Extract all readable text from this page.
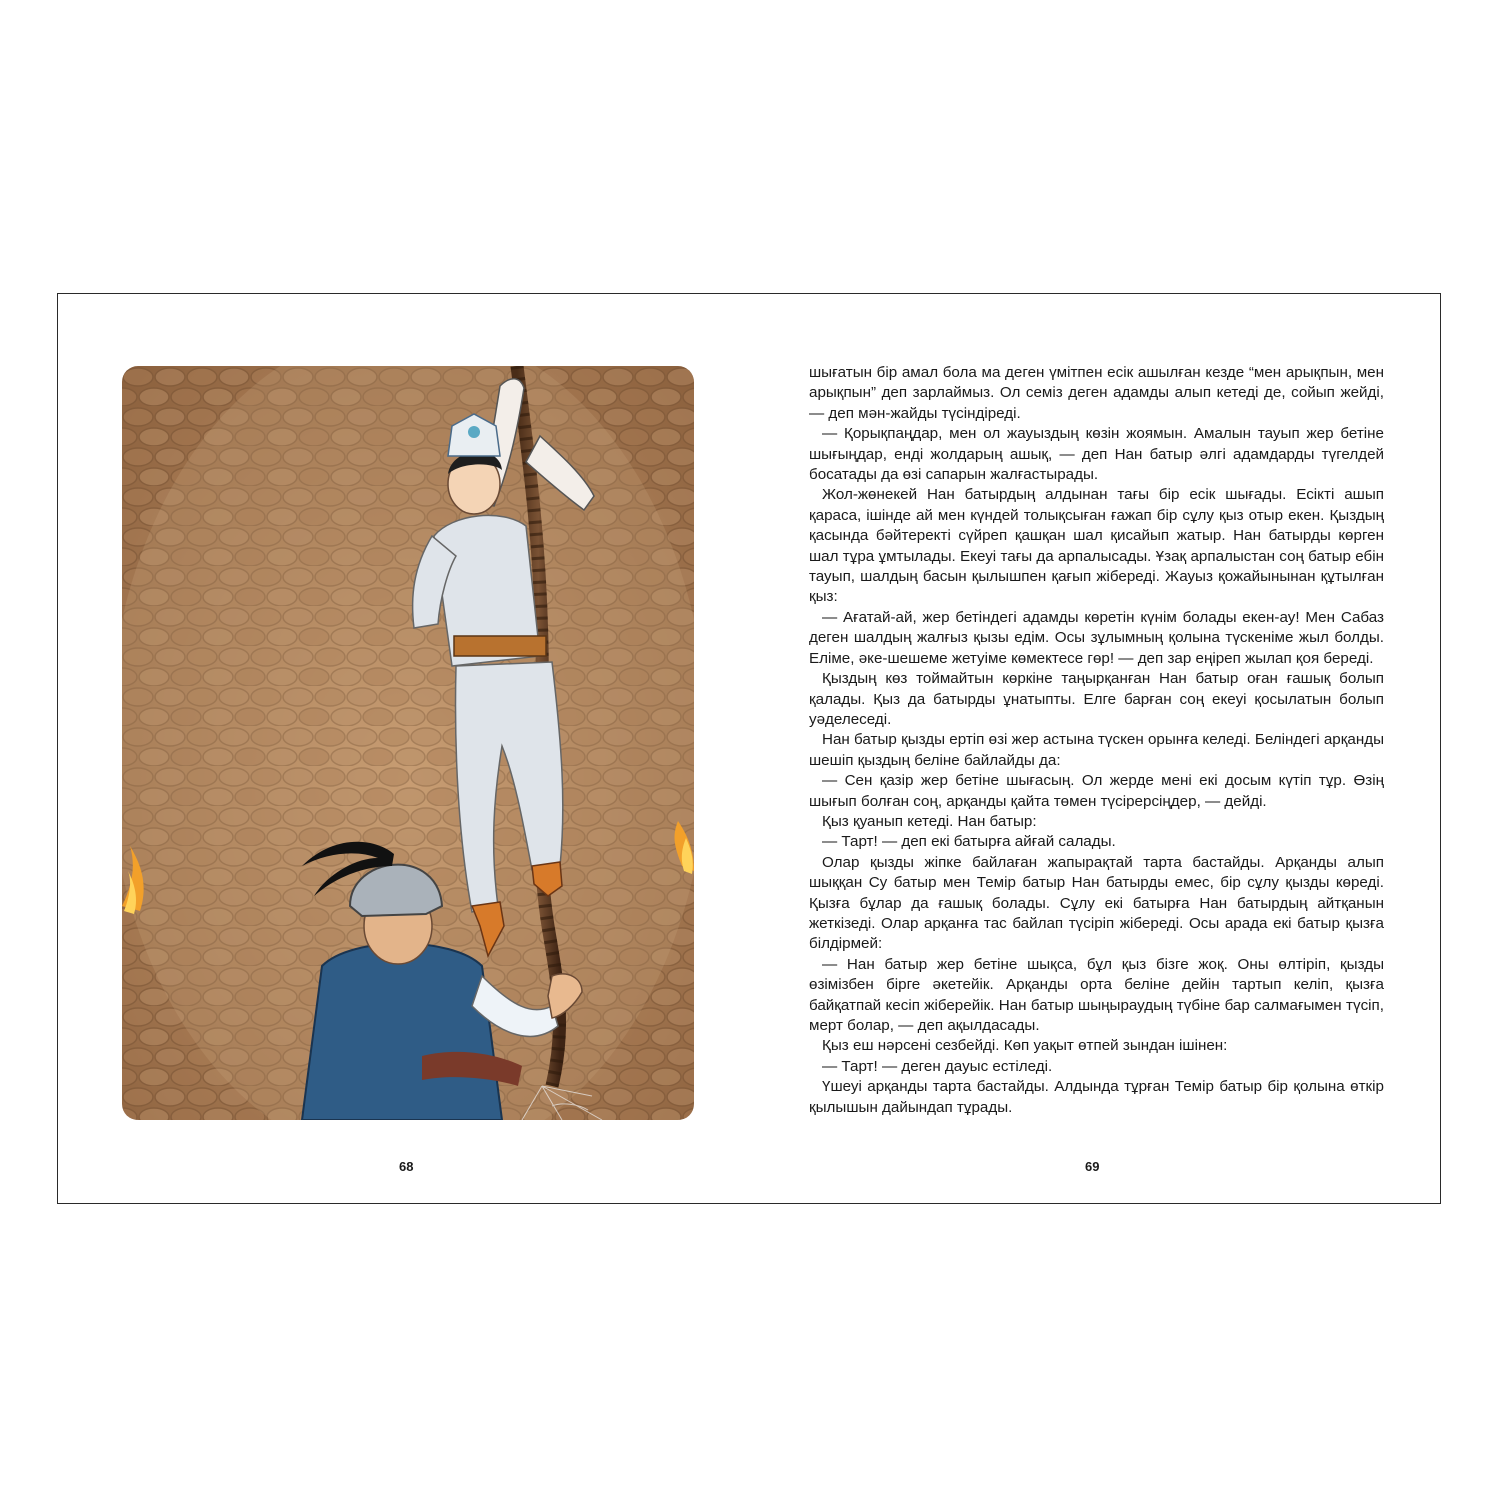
шығатын бір амал бола ма деген үмітпен есік ашылған кезде “мен арықпын, мен арықпын” деп зарлаймыз. Ол семіз деген адамды алып кетеді де, сойып жейді, — деп мән-жайды түсіндіреді.

— Қорықпаңдар, мен ол жауыздың көзін жоямын. Амалын тауып жер бетіне шығыңдар, енді жолдарың ашық, — деп Нан батыр әлгі адамдарды түгелдей босатады да өзі сапарын жалғастырады.

Жол-жөнекей Нан батырдың алдынан тағы бір есік шығады. Есікті ашып қараса, ішінде ай мен күндей толықсыған ғажап бір сұлу қыз отыр екен. Қыздың қасында бәйтеректі сүйреп қашқан шал қисайып жатыр. Нан батырды көрген шал тұра ұмтылады. Екеуі тағы да арпалысады. Ұзақ арпалыстан соң батыр ебін тауып, шалдың басын қылышпен қағып жібереді. Жауыз қожайынынан құтылған қыз:

— Ағатай-ай, жер бетіндегі адамды көретін күнім болады екен-ау! Мен Сабаз деген шалдың жалғыз қызы едім. Осы зұлымның қолына түскеніме жыл болды. Еліме, әке-шешеме жетуіме көмектесе гөр! — деп зар еңіреп жылап қоя береді.

Қыздың көз тоймайтын көркіне таңырқанған Нан батыр оған ғашық болып қалады. Қыз да батырды ұнатыпты. Елге барған соң екеуі қосылатын болып уәделеседі.

Нан батыр қызды ертіп өзі жер астына түскен орынға келеді. Беліндегі арқанды шешіп қыздың беліне байлайды да:

— Сен қазір жер бетіне шығасың. Ол жерде мені екі досым күтіп тұр. Өзің шығып болған соң, арқанды қайта төмен түсірерсіңдер, — дейді.

Қыз қуанып кетеді. Нан батыр:

— Тарт! — деп екі батырға айғай салады.

Олар қызды жіпке байлаған жапырақтай тарта бастайды. Арқанды алып шыққан Су батыр мен Темір батыр Нан батырды емес, бір сұлу қызды көреді. Қызға бұлар да ғашық болады. Сұлу екі батырға Нан батырдың айтқанын жеткізеді. Олар арқанға тас байлап түсіріп жібереді. Осы арада екі батыр қызға білдірмей:

— Нан батыр жер бетіне шықса, бұл қыз бізге жоқ. Оны өлтіріп, қызды өзімізбен бірге әкетейік. Арқанды орта беліне дейін тартып келіп, қызға байқатпай кесіп жіберейік. Нан батыр шыңыраудың түбіне бар салмағымен түсіп, мерт болар, — деп ақылдасады.

Қыз еш нәрсені сезбейді. Көп уақыт өтпей зындан ішінен:

— Тарт! — деген дауыс естіледі.

Үшеуі арқанды тарта бастайды. Алдында тұрған Темір батыр бір қолына өткір қылышын дайындап тұрады.

68	69
